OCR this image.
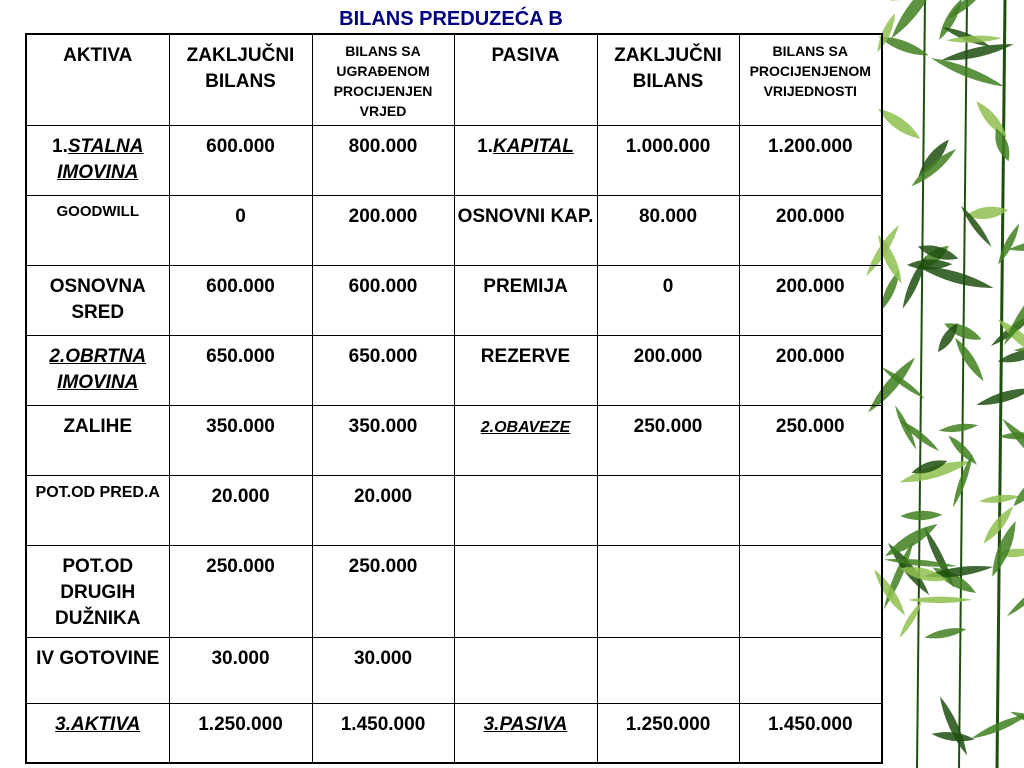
BILANS PREDUZEĆA B
AKTIVA	ZAKLJUČNI BILANS	BILANS SA UGRAĐENOM PROCIJENJEN VRJED	PASIVA	ZAKLJUČNI BILANS	BILANS SA PROCIJENJENOM VRIJEDNOSTI
1.STALNA IMOVINA	600.000	800.000	1.KAPITAL	1.000.000	1.200.000
GOODWILL	0	200.000	OSNOVNI KAP.	80.000	200.000
OSNOVNA SRED	600.000	600.000	PREMIJA	0	200.000
2.OBRTNA IMOVINA	650.000	650.000	REZERVE	200.000	200.000
ZALIHE	350.000	350.000	2.OBAVEZE	250.000	250.000
POT.OD PRED.A	20.000	20.000			
POT.OD DRUGIH DUŽNIKA	250.000	250.000			
IV GOTOVINE	30.000	30.000			
3.AKTIVA	1.250.000	1.450.000	3.PASIVA	1.250.000	1.450.000
